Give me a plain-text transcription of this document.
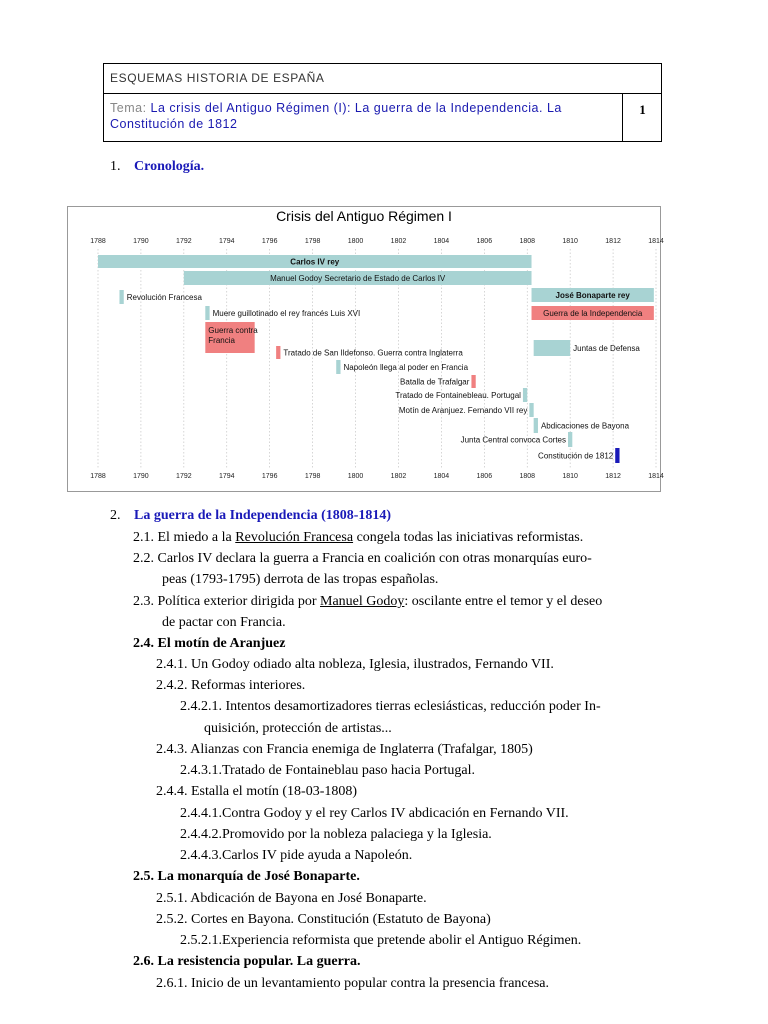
ESQUEMAS HISTORIA DE ESPAÑA
Tema: La crisis del Antiguo Régimen (I): La guerra de la Independencia. La
Constitución de 1812
1
1. Cronología.
Crisis del Antiguo Régimen I
1788	1790	1792	1794	1796	1798	1800	1802	1804	1806	1808	1810	1812	1814
1788	1790	1792	1794	1796	1798	1800	1802	1804	1806	1808	1810	1812	1814
Carlos IV rey
Manuel Godoy Secretario de Estado de Carlos IV
José Bonaparte rey
Revolución Francesa
Muere guillotinado el rey francés Luis XVI	Guerra de la Independencia
Guerra contra Francia
Tratado de San Ildefonso. Guerra contra Inglaterra	Juntas de Defensa
Napoleón llega al poder en Francia
Batalla de Trafalgar
Tratado de Fontainebleau. Portugal
Motín de Aranjuez. Fernando VII rey
Abdicaciones de Bayona
Junta Central convoca Cortes
Constitución de 1812
2. La guerra de la Independencia (1808-1814)
2.1. El miedo a la Revolución Francesa congela todas las iniciativas reformistas.
2.2. Carlos IV declara la guerra a Francia en coalición con otras monarquías euro-
peas (1793-1795) derrota de las tropas españolas.
2.3. Política exterior dirigida por Manuel Godoy: oscilante entre el temor y el deseo
de pactar con Francia.
2.4. El motín de Aranjuez
2.4.1. Un Godoy odiado alta nobleza, Iglesia, ilustrados, Fernando VII.
2.4.2. Reformas interiores.
2.4.2.1. Intentos desamortizadores tierras eclesiásticas, reducción poder In-
quisición, protección de artistas...
2.4.3. Alianzas con Francia enemiga de Inglaterra (Trafalgar, 1805)
2.4.3.1.Tratado de Fontaineblau paso hacia Portugal.
2.4.4. Estalla el motín (18-03-1808)
2.4.4.1.Contra Godoy y el rey Carlos IV abdicación en Fernando VII.
2.4.4.2.Promovido por la nobleza palaciega y la Iglesia.
2.4.4.3.Carlos IV pide ayuda a Napoleón.
2.5. La monarquía de José Bonaparte.
2.5.1. Abdicación de Bayona en José Bonaparte.
2.5.2. Cortes en Bayona. Constitución (Estatuto de Bayona)
2.5.2.1.Experiencia reformista que pretende abolir el Antiguo Régimen.
2.6. La resistencia popular. La guerra.
2.6.1. Inicio de un levantamiento popular contra la presencia francesa.
